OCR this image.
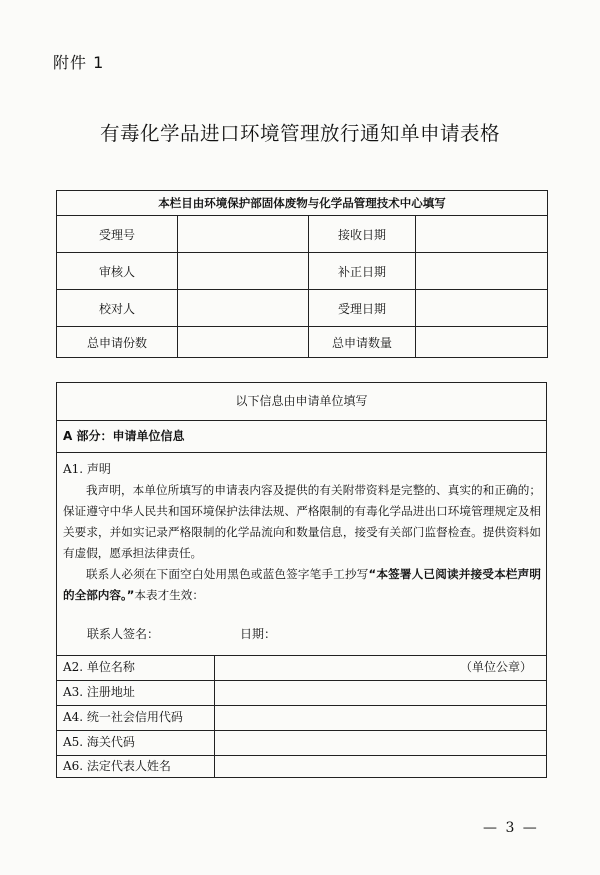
附件 1
有毒化学品进口环境管理放行通知单申请表格
本栏目由环境保护部固体废物与化学品管理技术中心填写			
受理号		接收日期	
审核人		补正日期	
校对人		受理日期	
总申请份数		总申请数量	
以下信息由申请单位填写
A 部分：申请单位信息
A1. 声明

我声明，本单位所填写的申请表内容及提供的有关附带资料是完整的、真实的和正确的；保证遵守中华人民共和国环境保护法律法规、严格限制的有毒化学品进出口环境管理规定及相关要求，并如实记录严格限制的化学品流向和数量信息，接受有关部门监督检查。提供资料如有虚假，愿承担法律责任。

联系人必须在下面空白处用黑色或蓝色签字笔手工抄写“本签署人已阅读并接受本栏声明的全部内容。”本表才生效：

联系人签名：	日期：
A2. 单位名称	（单位公章）
A3. 注册地址
A4. 统一社会信用代码
A5. 海关代码
A6. 法定代表人姓名
— 3 —
